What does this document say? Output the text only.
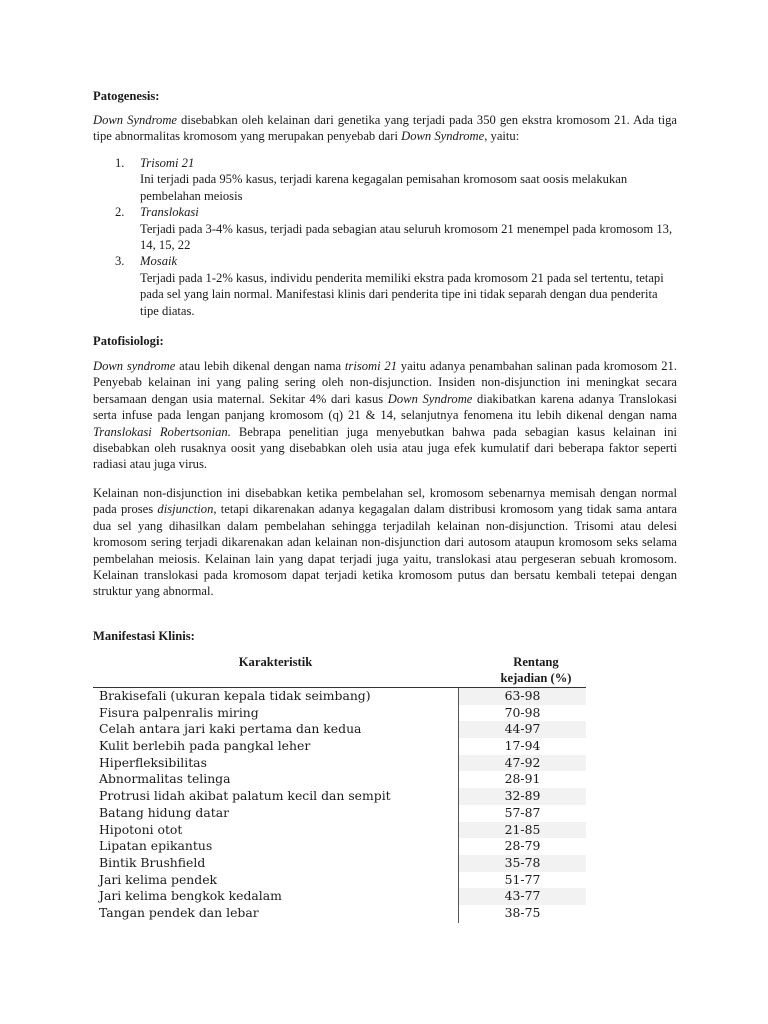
Patogenesis:

Down Syndrome disebabkan oleh kelainan dari genetika yang terjadi pada 350 gen ekstra kromosom 21. Ada tiga tipe abnormalitas kromosom yang merupakan penyebab dari Down Syndrome, yaitu:

1. Trisomi 21
Ini terjadi pada 95% kasus, terjadi karena kegagalan pemisahan kromosom saat oosis melakukan pembelahan meiosis
2. Translokasi
Terjadi pada 3-4% kasus, terjadi pada sebagian atau seluruh kromosom 21 menempel pada kromosom 13, 14, 15, 22
3. Mosaik
Terjadi pada 1-2% kasus, individu penderita memiliki ekstra pada kromosom 21 pada sel tertentu, tetapi pada sel yang lain normal. Manifestasi klinis dari penderita tipe ini tidak separah dengan dua penderita tipe diatas.
Patofisiologi:

Down syndrome atau lebih dikenal dengan nama trisomi 21 yaitu adanya penambahan salinan pada kromosom 21. Penyebab kelainan ini yang paling sering oleh non-disjunction. Insiden non-disjunction ini meningkat secara bersamaan dengan usia maternal. Sekitar 4% dari kasus Down Syndrome diakibatkan karena adanya Translokasi serta infuse pada lengan panjang kromosom (q) 21 & 14, selanjutnya fenomena itu lebih dikenal dengan nama Translokasi Robertsonian. Bebrapa penelitian juga menyebutkan bahwa pada sebagian kasus kelainan ini disebabkan oleh rusaknya oosit yang disebabkan oleh usia atau juga efek kumulatif dari beberapa faktor seperti radiasi atau juga virus.

Kelainan non-disjunction ini disebabkan ketika pembelahan sel, kromosom sebenarnya memisah dengan normal pada proses disjunction, tetapi dikarenakan adanya kegagalan dalam distribusi kromosom yang tidak sama antara dua sel yang dihasilkan dalam pembelahan sehingga terjadilah kelainan non-disjunction. Trisomi atau delesi kromosom sering terjadi dikarenakan adan kelainan non-disjunction dari autosom ataupun kromosom seks selama pembelahan meiosis. Kelainan lain yang dapat terjadi juga yaitu, translokasi atau pergeseran sebuah kromosom. Kelainan translokasi pada kromosom dapat terjadi ketika kromosom putus dan bersatu kembali tetepai dengan struktur yang abnormal.

Manifestasi Klinis:
Karakteristik	Rentang
kejadian (%)
Brakisefali (ukuran kepala tidak seimbang)	63-98
Fisura palpenralis miring	70-98
Celah antara jari kaki pertama dan kedua	44-97
Kulit berlebih pada pangkal leher	17-94
Hiperfleksibilitas	47-92
Abnormalitas telinga	28-91
Protrusi lidah akibat palatum kecil dan sempit	32-89
Batang hidung datar	57-87
Hipotoni otot	21-85
Lipatan epikantus	28-79
Bintik Brushfield	35-78
Jari kelima pendek	51-77
Jari kelima bengkok kedalam	43-77
Tangan pendek dan lebar	38-75
